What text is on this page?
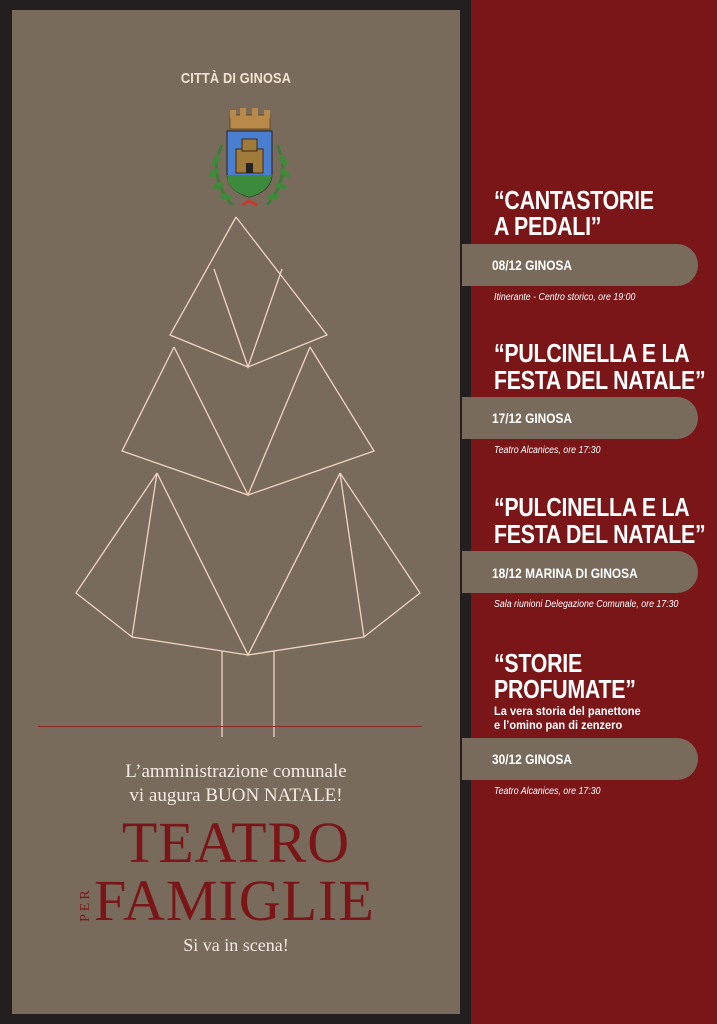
CITTÀ DI GINOSA
L’amministrazione comunale
vi augura BUON NATALE!
TEATRO
PER FAMIGLIE
Si va in scena!
“CANTASTORIE
A PEDALI”
08/12 GINOSA
Itinerante - Centro storico, ore 19:00
“PULCINELLA E LA
FESTA DEL NATALE”
17/12 GINOSA
Teatro Alcanices, ore 17:30
“PULCINELLA E LA
FESTA DEL NATALE”
18/12 MARINA DI GINOSA
Sala riunioni Delegazione Comunale, ore 17:30
“STORIE
PROFUMATE”
La vera storia del panettone
e l’omino pan di zenzero
30/12 GINOSA
Teatro Alcanices, ore 17:30
